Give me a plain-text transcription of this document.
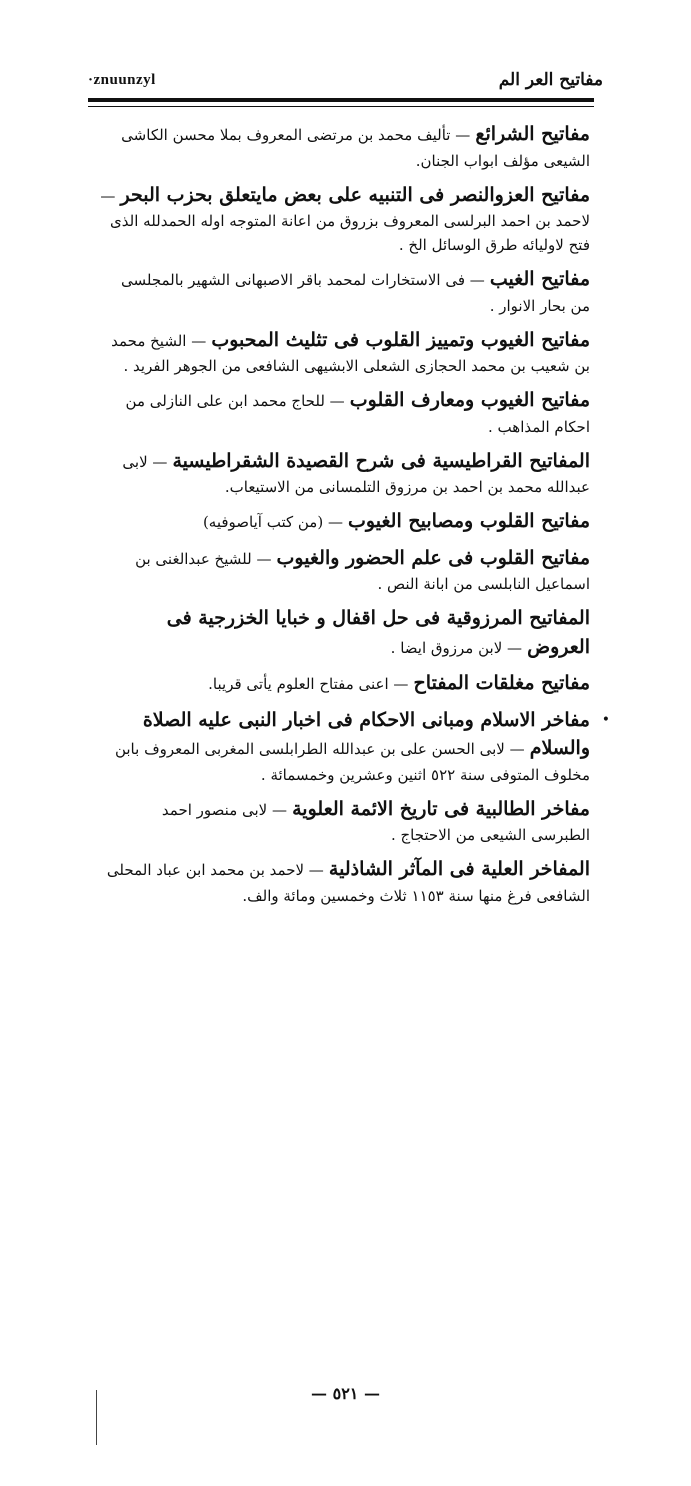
·znuunzyl	مفاتيح العر الم

مفاتيح الشرائع — تأليف محمد بن مرتضى المعروف بملا محسن الكاشى الشيعى مؤلف ابواب الجنان.

مفاتيح العزوالنصر فى التنبيه على بعض مايتعلق بحزب البحر — لاحمد بن احمد البرلسى المعروف بزروق من اعانة المتوجه اوله الحمدلله الذى فتح لاوليائه طرق الوسائل الخ .

مفاتيح الغيب — فى الاستخارات لمحمد باقر الاصبهانى الشهير بالمجلسى من بحار الانوار .

مفاتيح الغيوب وتمييز القلوب فى تثليث المحبوب — الشيخ محمد بن شعيب بن محمد الحجازى الشعلى الابشيهى الشافعى من الجوهر الفريد .

مفاتيح الغيوب ومعارف القلوب — للحاج محمد ابن على النازلى من احكام المذاهب .

المفاتيح القراطيسية فى شرح القصيدة الشقراطيسية — لابى عبدالله محمد بن احمد بن مرزوق التلمسانى من الاستيعاب.

مفاتيح القلوب ومصابيح الغيوب — (من كتب آياصوفيه)

مفاتيح القلوب فى علم الحضور والغيوب — للشيخ عبدالغنى بن اسماعيل النابلسى من ابانة النص .

المفاتيح المرزوقية فى حل اقفال و خبايا الخزرجية فى العروض — لابن مرزوق ايضا .

مفاتيح مغلقات المفتاح — اعنى مفتاح العلوم يأتى قريبا.

•
مفاخر الاسلام ومبانى الاحكام فى اخبار النبى عليه الصلاة والسلام — لابى الحسن على بن عبدالله الطرابلسى المغربى المعروف بابن مخلوف المتوفى سنة ٥٢٢ اثنين وعشرين وخمسمائة .

مفاخر الطالبية فى تاريخ الائمة العلوية — لابى منصور احمد الطبرسى الشيعى من الاحتجاج .

المفاخر العلية فى المآثر الشاذلية — لاحمد بن محمد ابن عباد المحلى الشافعى فرغ منها سنة ١١٥٣ ثلاث وخمسين ومائة والف.

— ٥٢١ —
